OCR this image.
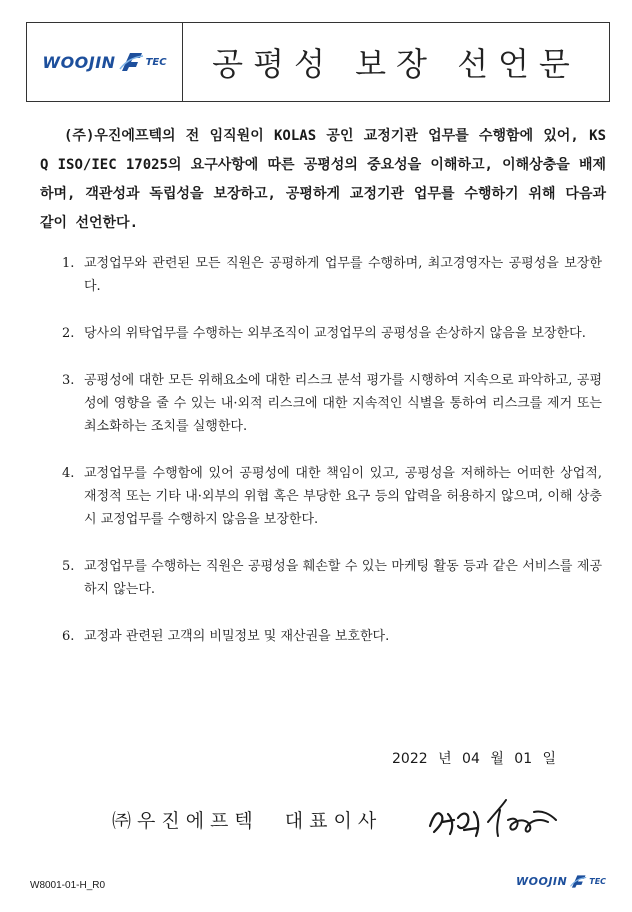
WOOJIN	TEC 공평성 보장 선언문

(주)우진에프텍의 전 임직원이 KOLAS 공인 교정기관 업무를 수행함에 있어, KS Q ISO/IEC 17025의 요구사항에 따른 공평성의 중요성을 이해하고, 이해상충을 배제하며, 객관성과 독립성을 보장하고, 공평하게 교정기관 업무를 수행하기 위해 다음과 같이 선언한다.

1. 교정업무와 관련된 모든 직원은 공평하게 업무를 수행하며, 최고경영자는 공평성을 보장한다.
2. 당사의 위탁업무를 수행하는 외부조직이 교정업무의 공평성을 손상하지 않음을 보장한다.
3. 공평성에 대한 모든 위해요소에 대한 리스크 분석 평가를 시행하여 지속으로 파악하고, 공평성에 영향을 줄 수 있는 내·외적 리스크에 대한 지속적인 식별을 통하여 리스크를 제거 또는 최소화하는 조치를 실행한다.
4. 교정업무를 수행함에 있어 공평성에 대한 책임이 있고, 공평성을 저해하는 어떠한 상업적, 재정적 또는 기타 내·외부의 위협 혹은 부당한 요구 등의 압력을 허용하지 않으며, 이해 상충 시 교정업무를 수행하지 않음을 보장한다.
5. 교정업무를 수행하는 직원은 공평성을 훼손할 수 있는 마케팅 활동 등과 같은 서비스를 제공하지 않는다.
6. 교정과 관련된 고객의 비밀정보 및 재산권을 보호한다.
2022 년 04 월 01 일
㈜우진에프텍 대표이사
W8001-01-H_R0	WOOJIN	TEC
